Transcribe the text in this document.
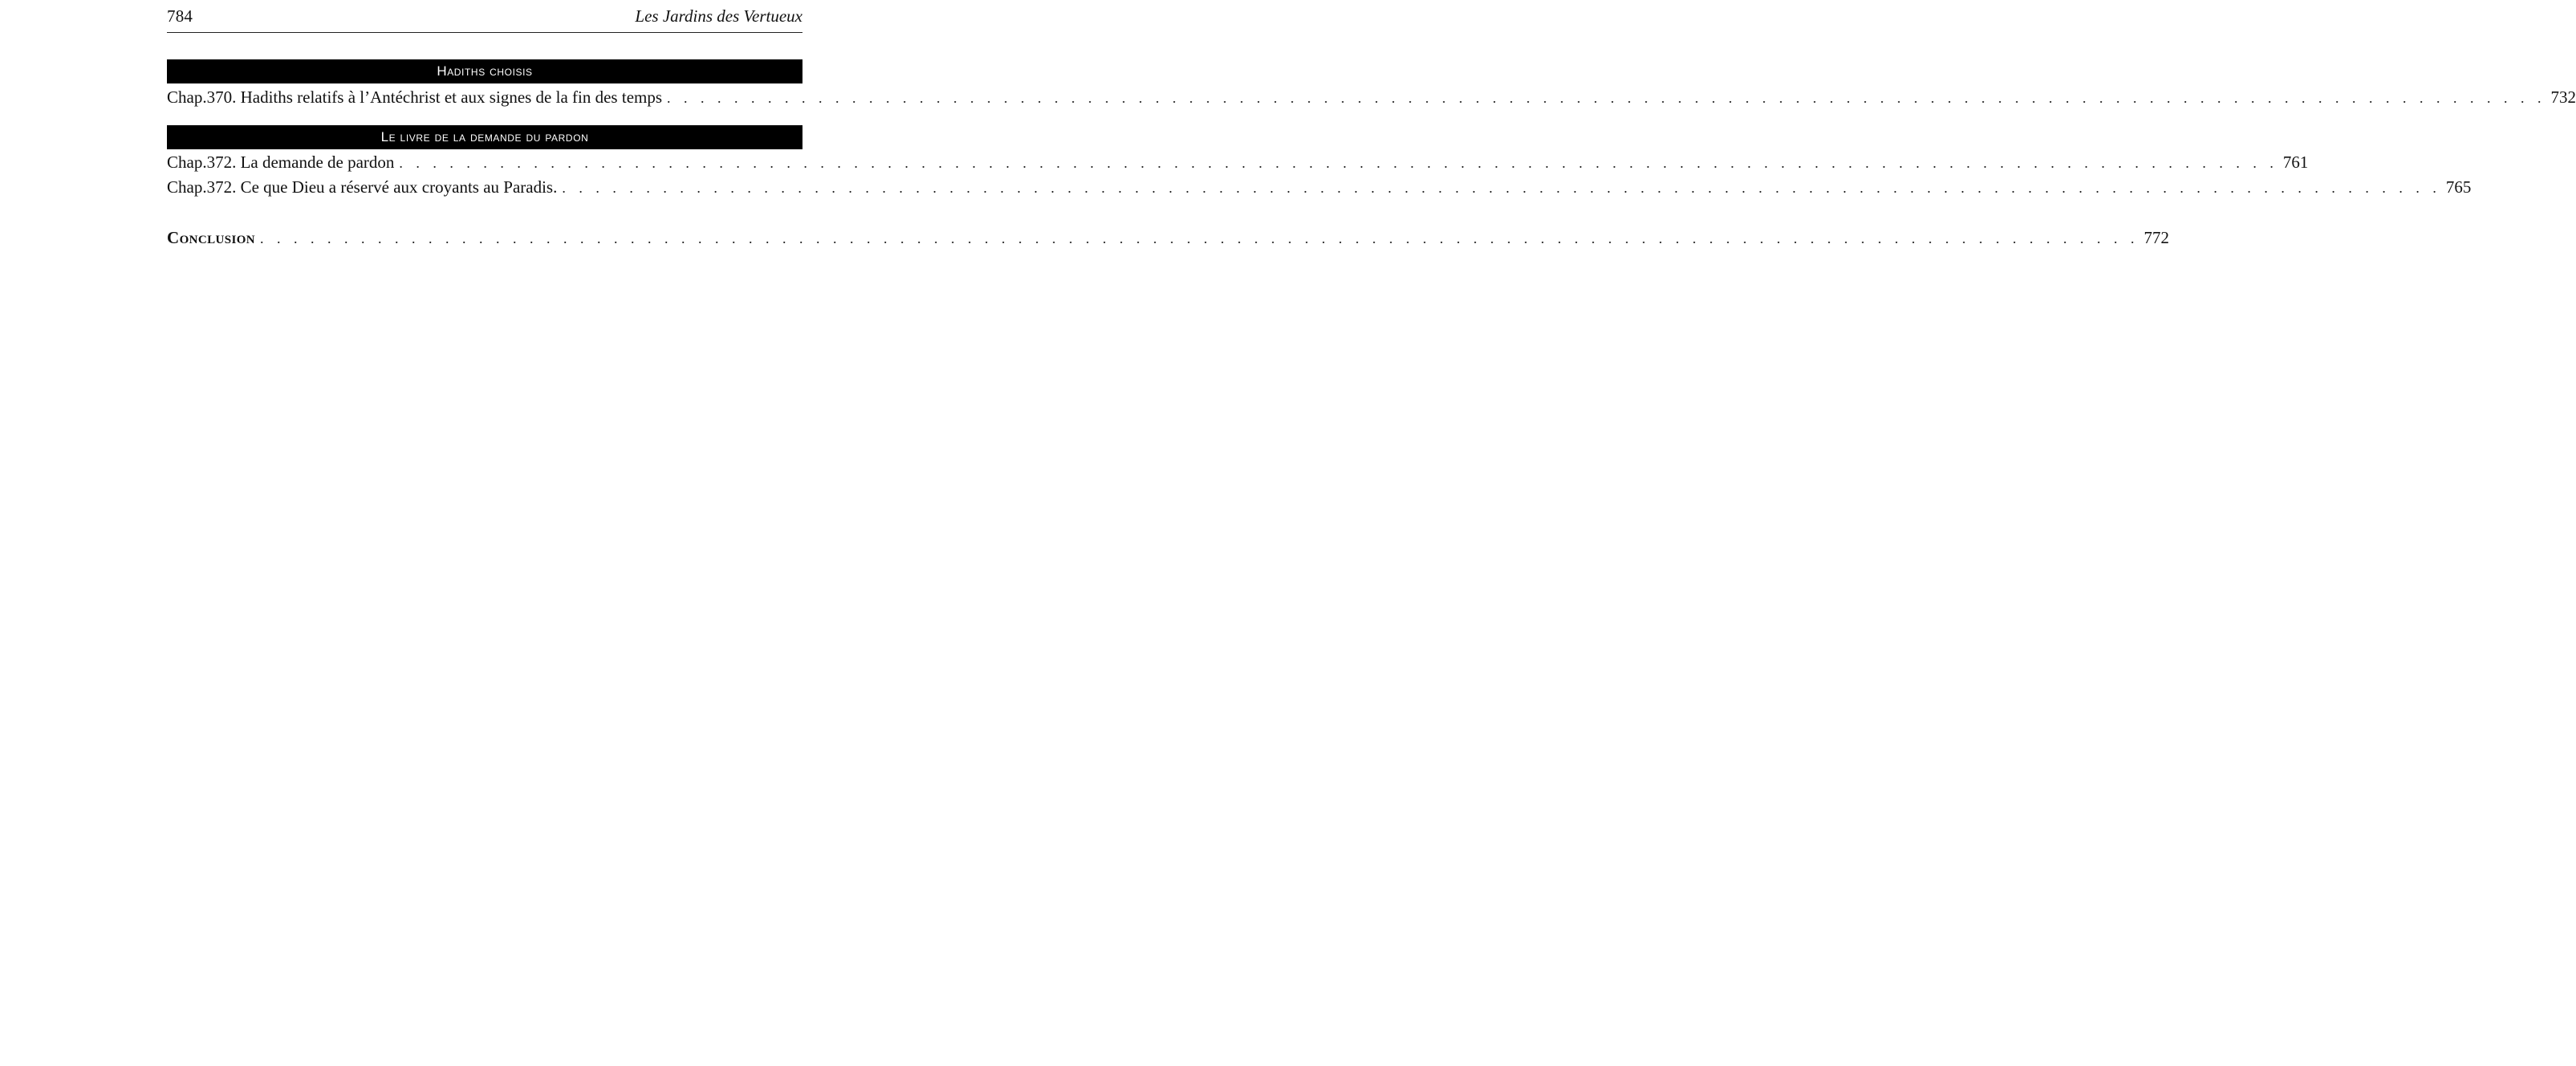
784	Les Jardins des Vertueux
Hadiths choisis
Chap.370. Hadiths relatifs à l’Antéchrist et aux signes de la fin des temps . . . . . . . . . . . . . . . . . . . . . . . . . . . . . . . . . . . . . . . . . . . . . . . . . . . . . . . . . . . . . . . . . . . . . . . . . . . . . . . . . . . . . . . . . . . . . . . . . . . . . . . . . . . . . . . . 732
Le livre de la demande du pardon
Chap.372. La demande de pardon . . . . . . . . . . . . . . . . . . . . . . . . . . . . . . . . . . . . . . . . . . . . . . . . . . . . . . . . . . . . . . . . . . . . . . . . . . . . . . . . . . . . . . . . . . . . . . . . . . . . . . . . . . . . . . . . 761
Chap.372. Ce que Dieu a réservé aux croyants au Paradis. . . . . . . . . . . . . . . . . . . . . . . . . . . . . . . . . . . . . . . . . . . . . . . . . . . . . . . . . . . . . . . . . . . . . . . . . . . . . . . . . . . . . . . . . . . . . . . . . . . . . . . . . . . . . . . . . 765
Conclusion . . . . . . . . . . . . . . . . . . . . . . . . . . . . . . . . . . . . . . . . . . . . . . . . . . . . . . . . . . . . . . . . . . . . . . . . . . . . . . . . . . . . . . . . . . . . . . . . . . . . . . . . . . . . . . . . 772
